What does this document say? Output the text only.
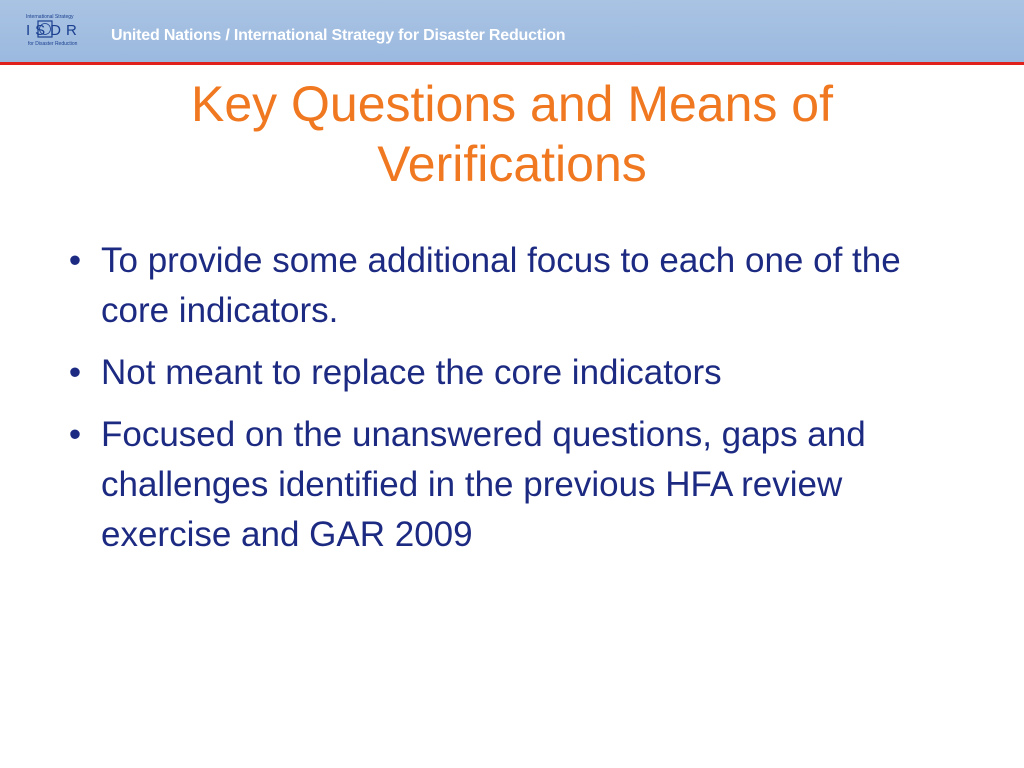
International Strategy
ISDR
for Disaster Reduction United Nations / International Strategy for Disaster Reduction
Key Questions and Means of
Verifications
• To provide some additional focus to each one of the core indicators.
• Not meant to replace the core indicators
• Focused on the unanswered questions, gaps and challenges identified in the previous HFA review exercise and GAR 2009
